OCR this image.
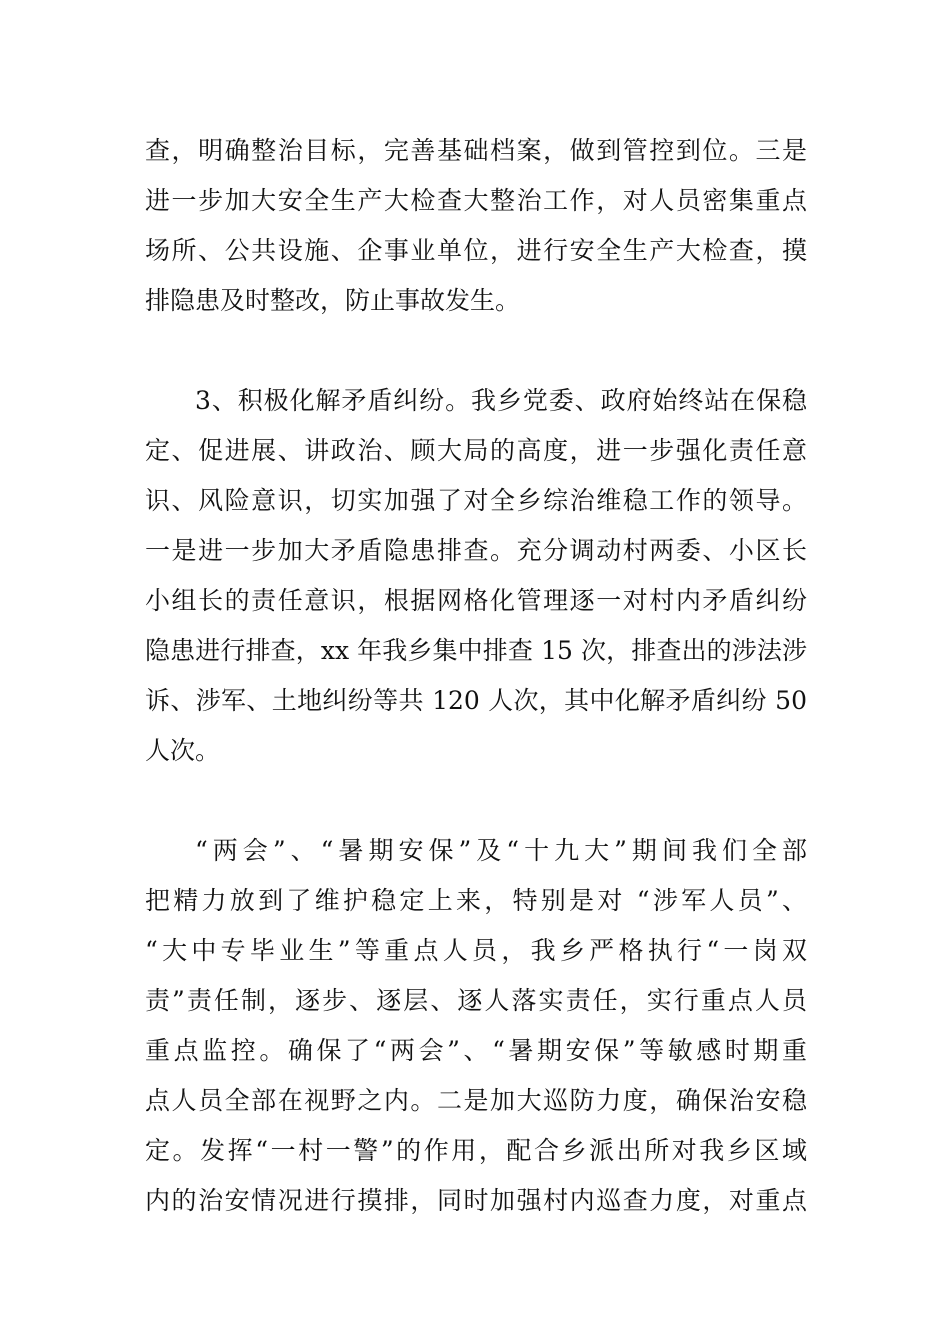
查，明确整治目标，完善基础档案，做到管控到位。三是
进一步加大安全生产大检查大整治工作，对人员密集重点
场所、公共设施、企事业单位，进行安全生产大检查，摸
排隐患及时整改，防止事故发生。
3、积极化解矛盾纠纷。我乡党委、政府始终站在保稳
定、促进展、讲政治、顾大局的高度，进一步强化责任意
识、风险意识，切实加强了对全乡综治维稳工作的领导。
一是进一步加大矛盾隐患排查。充分调动村两委、小区长
小组长的责任意识，根据网格化管理逐一对村内矛盾纠纷
隐患进行排查，xx 年我乡集中排查 15 次，排查出的涉法涉
诉、涉军、土地纠纷等共 120 人次，其中化解矛盾纠纷 50
人次。
“两会”、“暑期安保”及“十九大”期间我们全部
把精力放到了维护稳定上来，特别是对 “涉军人员”、
“大中专毕业生”等重点人员，我乡严格执行“一岗双
责”责任制，逐步、逐层、逐人落实责任，实行重点人员
重点监控。确保了“两会”、“暑期安保”等敏感时期重
点人员全部在视野之内。二是加大巡防力度，确保治安稳
定。发挥“一村一警”的作用，配合乡派出所对我乡区域
内的治安情况进行摸排，同时加强村内巡查力度，对重点
